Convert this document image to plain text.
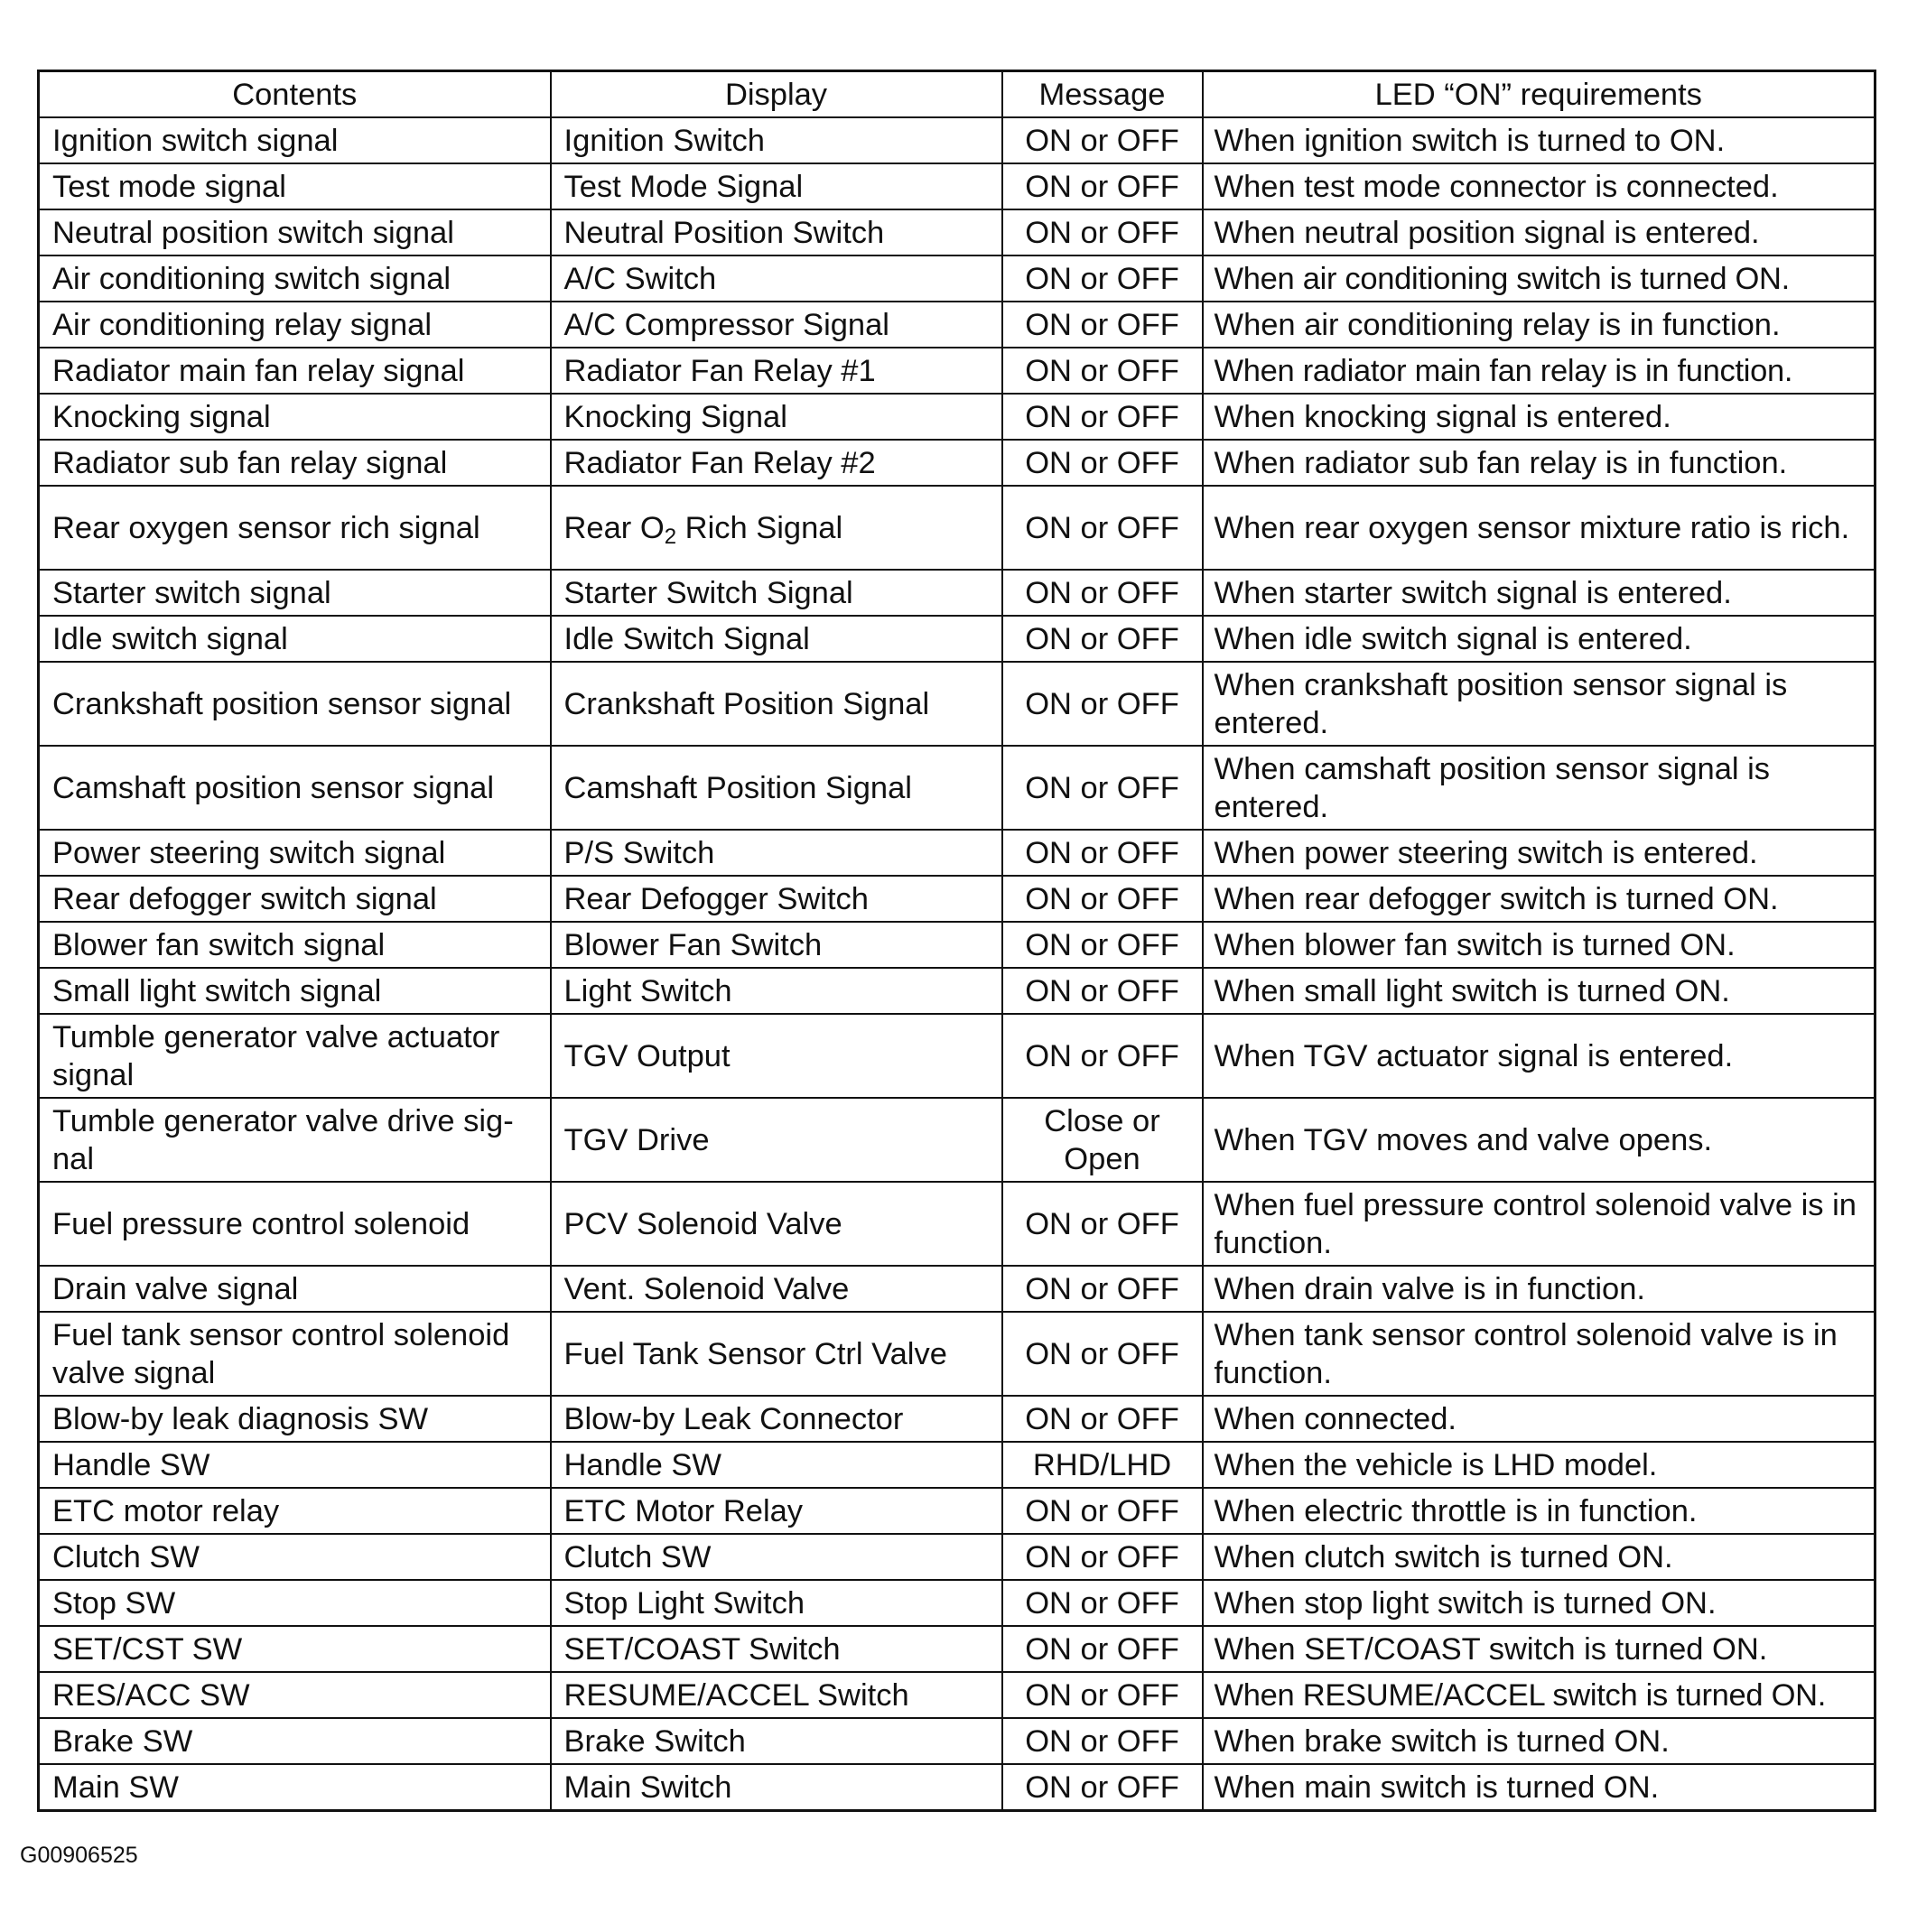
Contents	Display	Message	LED “ON” requirements
Ignition switch signal	Ignition Switch	ON or OFF	When ignition switch is turned to ON.
Test mode signal	Test Mode Signal	ON or OFF	When test mode connector is connected.
Neutral position switch signal	Neutral Position Switch	ON or OFF	When neutral position signal is entered.
Air conditioning switch signal	A/C Switch	ON or OFF	When air conditioning switch is turned ON.
Air conditioning relay signal	A/C Compressor Signal	ON or OFF	When air conditioning relay is in function.
Radiator main fan relay signal	Radiator Fan Relay #1	ON or OFF	When radiator main fan relay is in function.
Knocking signal	Knocking Signal	ON or OFF	When knocking signal is entered.
Radiator sub fan relay signal	Radiator Fan Relay #2	ON or OFF	When radiator sub fan relay is in function.
Rear oxygen sensor rich signal	Rear $O_2$ Rich Signal	ON or OFF	When rear oxygen sensor mixture ratio is rich.
Starter switch signal	Starter Switch Signal	ON or OFF	When starter switch signal is entered.
Idle switch signal	Idle Switch Signal	ON or OFF	When idle switch signal is entered.
Crankshaft position sensor signal	Crankshaft Position Signal	ON or OFF	When crankshaft position sensor signal is entered.
Camshaft position sensor signal	Camshaft Position Signal	ON or OFF	When camshaft position sensor signal is entered.
Power steering switch signal	P/S Switch	ON or OFF	When power steering switch is entered.
Rear defogger switch signal	Rear Defogger Switch	ON or OFF	When rear defogger switch is turned ON.
Blower fan switch signal	Blower Fan Switch	ON or OFF	When blower fan switch is turned ON.
Small light switch signal	Light Switch	ON or OFF	When small light switch is turned ON.
Tumble generator valve actuator signal	TGV Output	ON or OFF	When TGV actuator signal is entered.
Tumble generator valve drive sig-nal	TGV Drive	Close or Open	When TGV moves and valve opens.
Fuel pressure control solenoid	PCV Solenoid Valve	ON or OFF	When fuel pressure control solenoid valve is in function.
Drain valve signal	Vent. Solenoid Valve	ON or OFF	When drain valve is in function.
Fuel tank sensor control solenoid valve signal	Fuel Tank Sensor Ctrl Valve	ON or OFF	When tank sensor control solenoid valve is in function.
Blow-by leak diagnosis SW	Blow-by Leak Connector	ON or OFF	When connected.
Handle SW	Handle SW	RHD/LHD	When the vehicle is LHD model.
ETC motor relay	ETC Motor Relay	ON or OFF	When electric throttle is in function.
Clutch SW	Clutch SW	ON or OFF	When clutch switch is turned ON.
Stop SW	Stop Light Switch	ON or OFF	When stop light switch is turned ON.
SET/CST SW	SET/COAST Switch	ON or OFF	When SET/COAST switch is turned ON.
RES/ACC SW	RESUME/ACCEL Switch	ON or OFF	When RESUME/ACCEL switch is turned ON.
Brake SW	Brake Switch	ON or OFF	When brake switch is turned ON.
Main SW	Main Switch	ON or OFF	When main switch is turned ON.
G00906525
